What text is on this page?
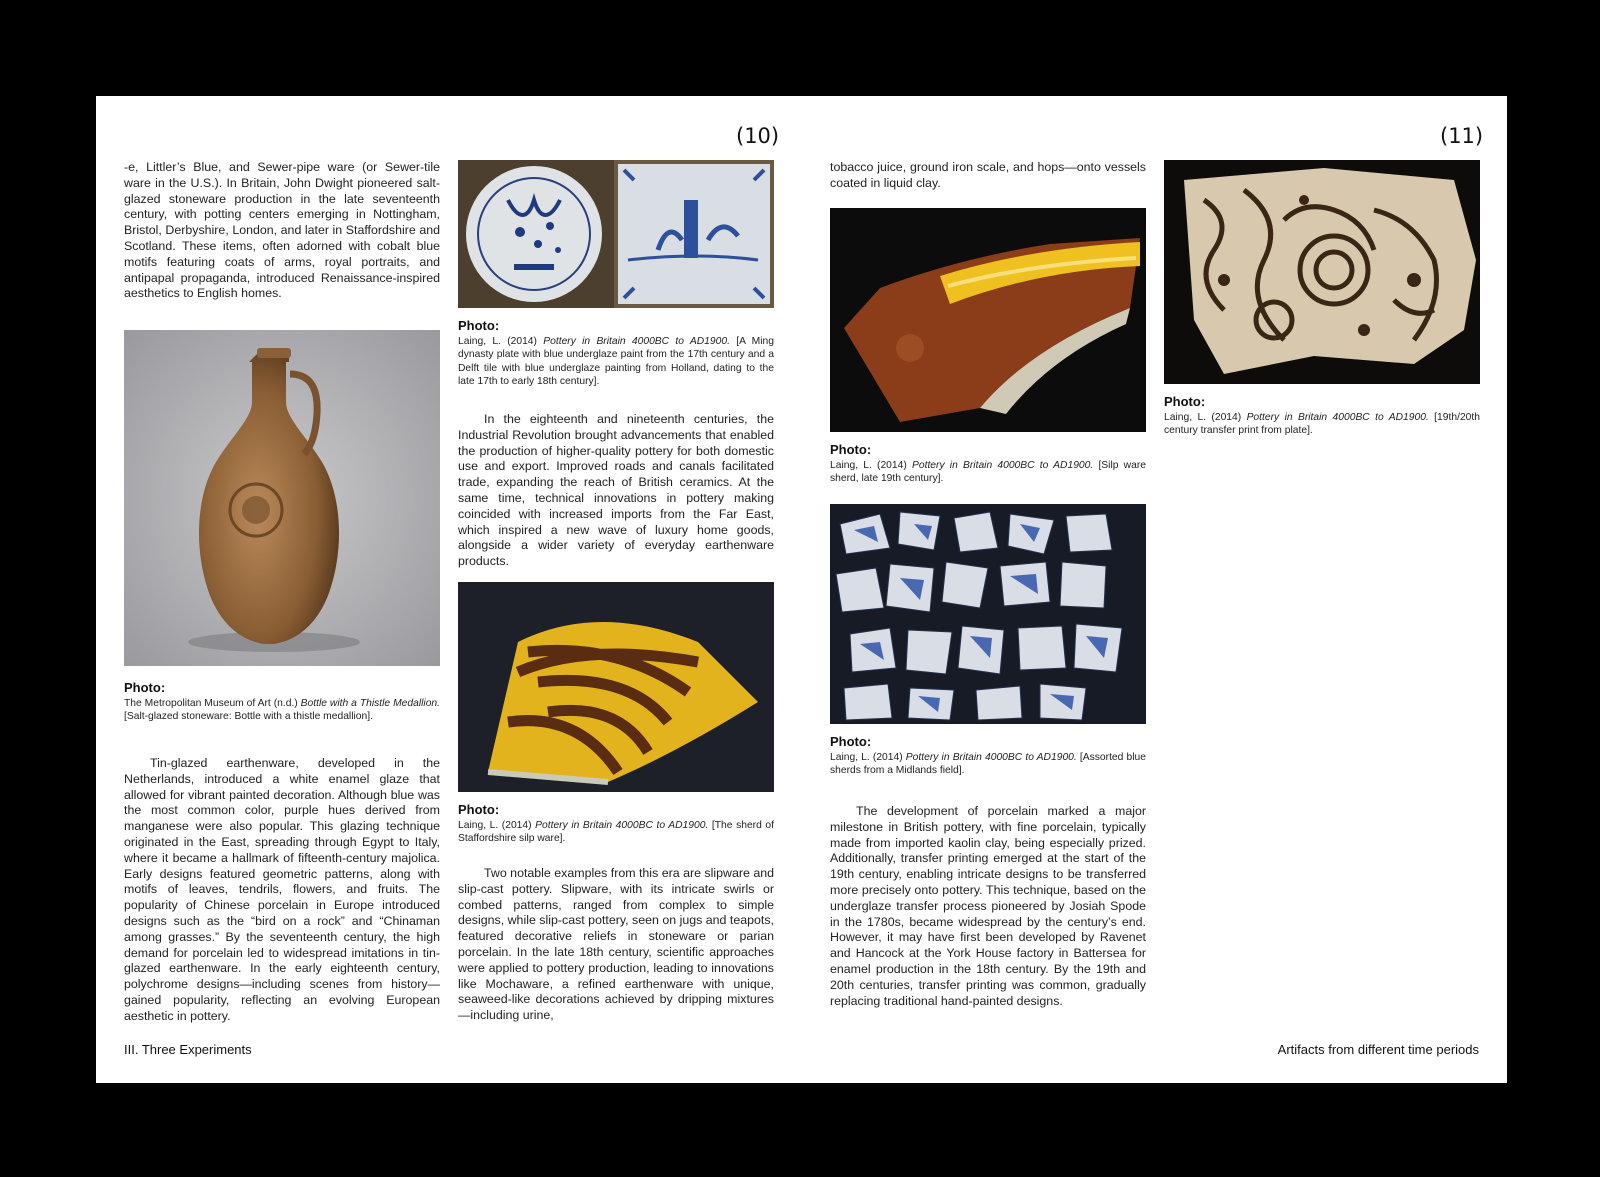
(10)	(11)

-e, Littler’s Blue, and Sewer-pipe ware (or Sewer-tile ware in the U.S.). In Britain, John Dwight pioneered salt-glazed stoneware production in the late seventeenth century, with potting centers emerging in Nottingham, Bristol, Derbyshire, London, and later in Staffordshire and Scotland. These items, often adorned with cobalt blue motifs featuring coats of arms, royal portraits, and antipapal propaganda, introduced Renaissance-inspired aesthetics to English homes.

Photo:

The Metropolitan Museum of Art (n.d.) Bottle with a Thistle Medallion. [Salt-glazed stoneware: Bottle with a thistle medallion].

Tin-glazed earthenware, developed in the Netherlands, introduced a white enamel glaze that allowed for vibrant painted decoration. Although blue was the most common color, purple hues derived from manganese were also popular. This glazing technique originated in the East, spreading through Egypt to Italy, where it became a hallmark of fifteenth-century majolica. Early designs featured geometric patterns, along with motifs of leaves, tendrils, flowers, and fruits. The popularity of Chinese porcelain in Europe introduced designs such as the “bird on a rock” and “Chinaman among grasses.” By the seventeenth century, the high demand for porcelain led to widespread imitations in tin-glazed earthenware. In the early eighteenth century, polychrome designs—including scenes from history—gained popularity, reflecting an evolving European aesthetic in pottery.

Photo:

Laing, L. (2014) Pottery in Britain 4000BC to AD1900. [A Ming dynasty plate with blue underglaze paint from the 17th century and a Delft tile with blue underglaze painting from Holland, dating to the late 17th to early 18th century].

In the eighteenth and nineteenth centuries, the Industrial Revolution brought advancements that enabled the production of higher-quality pottery for both domestic use and export. Improved roads and canals facilitated trade, expanding the reach of British ceramics. At the same time, technical innovations in pottery making coincided with increased imports from the Far East, which inspired a new wave of luxury home goods, alongside a wider variety of everyday earthenware products.

Photo:

Laing, L. (2014) Pottery in Britain 4000BC to AD1900. [The sherd of Staffordshire silp ware].

Two notable examples from this era are slipware and slip-cast pottery. Slipware, with its intricate swirls or combed patterns, ranged from complex to simple designs, while slip-cast pottery, seen on jugs and teapots, featured decorative reliefs in stoneware or parian porcelain. In the late 18th century, scientific approaches were applied to pottery production, leading to innovations like Mochaware, a refined earthenware with unique, seaweed-like decorations achieved by dripping mixtures—including urine,

tobacco juice, ground iron scale, and hops—onto vessels coated in liquid clay.

Photo:

Laing, L. (2014) Pottery in Britain 4000BC to AD1900. [Silp ware sherd, late 19th century].

Photo:

Laing, L. (2014) Pottery in Britain 4000BC to AD1900. [Assorted blue sherds from a Midlands field].

The development of porcelain marked a major milestone in British pottery, with fine porcelain, typically made from imported kaolin clay, being especially prized. Additionally, transfer printing emerged at the start of the 19th century, enabling intricate designs to be transferred more precisely onto pottery. This technique, based on the underglaze transfer process pioneered by Josiah Spode in the 1780s, became widespread by the century’s end. However, it may have first been developed by Ravenet and Hancock at the York House factory in Battersea for enamel production in the 18th century. By the 19th and 20th centuries, transfer printing was common, gradually replacing traditional hand-painted designs.

Photo:

Laing, L. (2014) Pottery in Britain 4000BC to AD1900. [19th/20th century transfer print from plate].

III. Three Experiments	Artifacts from different time periods
